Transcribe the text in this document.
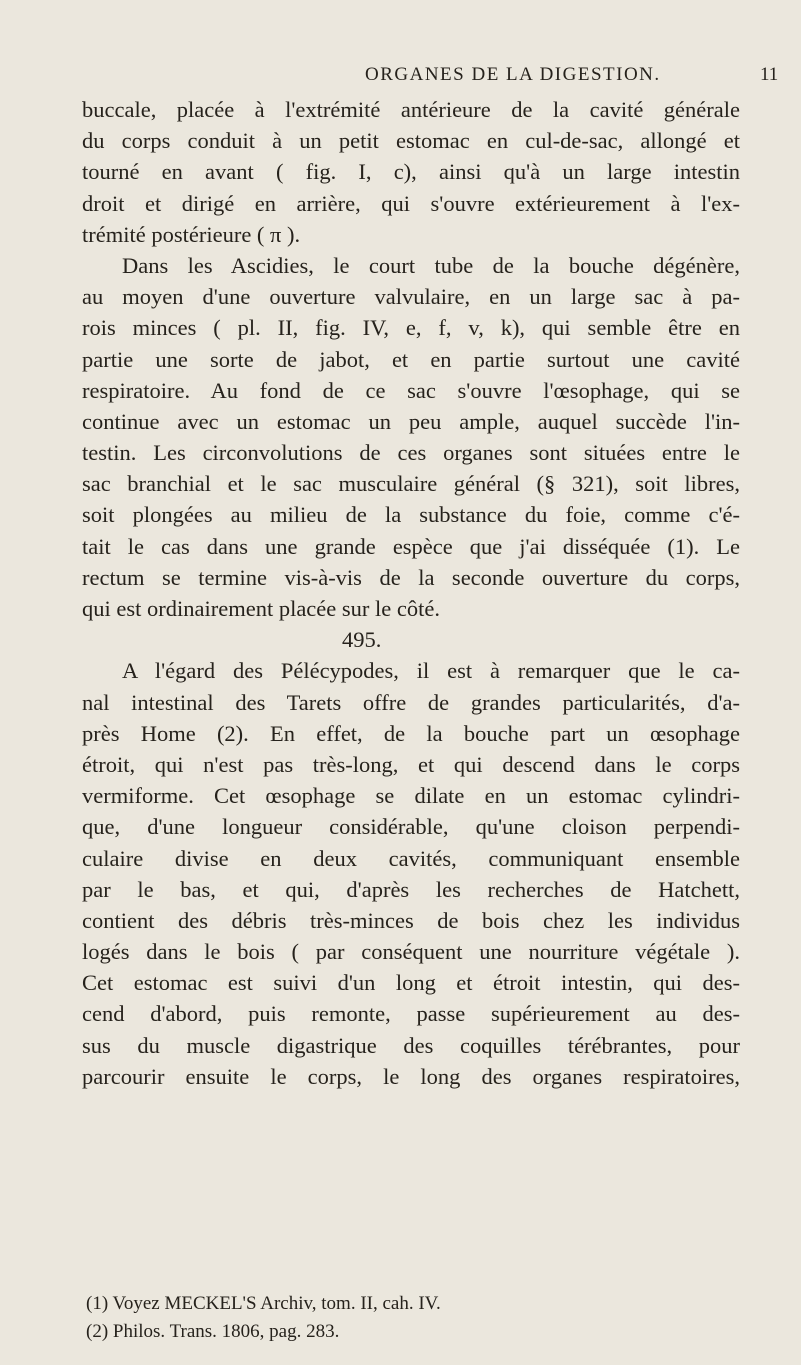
ORGANES DE LA DIGESTION.	11
buccale, placée à l'extrémité antérieure de la cavité générale
du corps conduit à un petit estomac en cul-de-sac, allongé et
tourné en avant ( fig. I, c), ainsi qu'à un large intestin
droit et dirigé en arrière, qui s'ouvre extérieurement à l'ex-
trémité postérieure ( π ).
Dans les Ascidies, le court tube de la bouche dégénère,
au moyen d'une ouverture valvulaire, en un large sac à pa-
rois minces ( pl. II, fig. IV, e, f, v, k), qui semble être en
partie une sorte de jabot, et en partie surtout une cavité
respiratoire. Au fond de ce sac s'ouvre l'œsophage, qui se
continue avec un estomac un peu ample, auquel succède l'in-
testin. Les circonvolutions de ces organes sont situées entre le
sac branchial et le sac musculaire général (§ 321), soit libres,
soit plongées au milieu de la substance du foie, comme c'é-
tait le cas dans une grande espèce que j'ai disséquée (1). Le
rectum se termine vis-à-vis de la seconde ouverture du corps,
qui est ordinairement placée sur le côté.
495.
A l'égard des Pélécypodes, il est à remarquer que le ca-
nal intestinal des Tarets offre de grandes particularités, d'a-
près Home (2). En effet, de la bouche part un œsophage
étroit, qui n'est pas très-long, et qui descend dans le corps
vermiforme. Cet œsophage se dilate en un estomac cylindri-
que, d'une longueur considérable, qu'une cloison perpendi-
culaire divise en deux cavités, communiquant ensemble
par le bas, et qui, d'après les recherches de Hatchett,
contient des débris très-minces de bois chez les individus
logés dans le bois ( par conséquent une nourriture végétale ).
Cet estomac est suivi d'un long et étroit intestin, qui des-
cend d'abord, puis remonte, passe supérieurement au des-
sus du muscle digastrique des coquilles térébrantes, pour
parcourir ensuite le corps, le long des organes respiratoires,
(1) Voyez MECKEL'S Archiv, tom. II, cah. IV.
(2) Philos. Trans. 1806, pag. 283.
